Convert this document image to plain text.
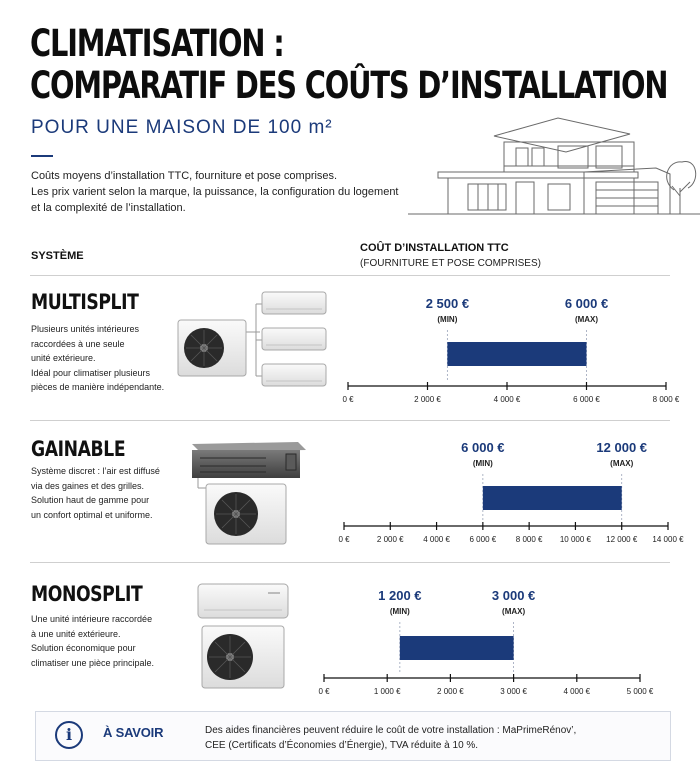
CLIMATISATION :
COMPARATIF DES COÛTS D’INSTALLATION
POUR UNE MAISON DE 100 m²
Coûts moyens d’installation TTC, fourniture et pose comprises.
Les prix varient selon la marque, la puissance, la configuration du logement
et la complexité de l’installation.
SYSTÈME
COÛT D’INSTALLATION TTC
(FOURNITURE ET POSE COMPRISES)
MULTISPLIT
Plusieurs unités intérieures
raccordées à une seule
unité extérieure.
Idéal pour climatiser plusieurs
pièces de manière indépendante.
0 €	2 000 €	4 000 €	6 000 €	8 000 €
2 500 €
(MIN)
6 000 €
(MAX)
GAINABLE
Système discret : l’air est diffusé
via des gaines et des grilles.
Solution haut de gamme pour
un confort optimal et uniforme.
0 €	2 000 € 4 000 € 6 000 € 8 000 € 10 000 € 12 000 € 14 000 €
6 000 €
(MIN)
12 000 €
(MAX)
MONOSPLIT
Une unité intérieure raccordée
à une unité extérieure.
Solution économique pour
climatiser une pièce principale.
0 €	1 000 €	2 000 €	3 000 €	4 000 €	5 000 €
1 200 €
(MIN)
3 000 €
(MAX)
i	À SAVOIR	Des aides financières peuvent réduire le coût de votre installation : MaPrimeRénov’,
CEE (Certificats d’Économies d’Énergie), TVA réduite à 10 %.
